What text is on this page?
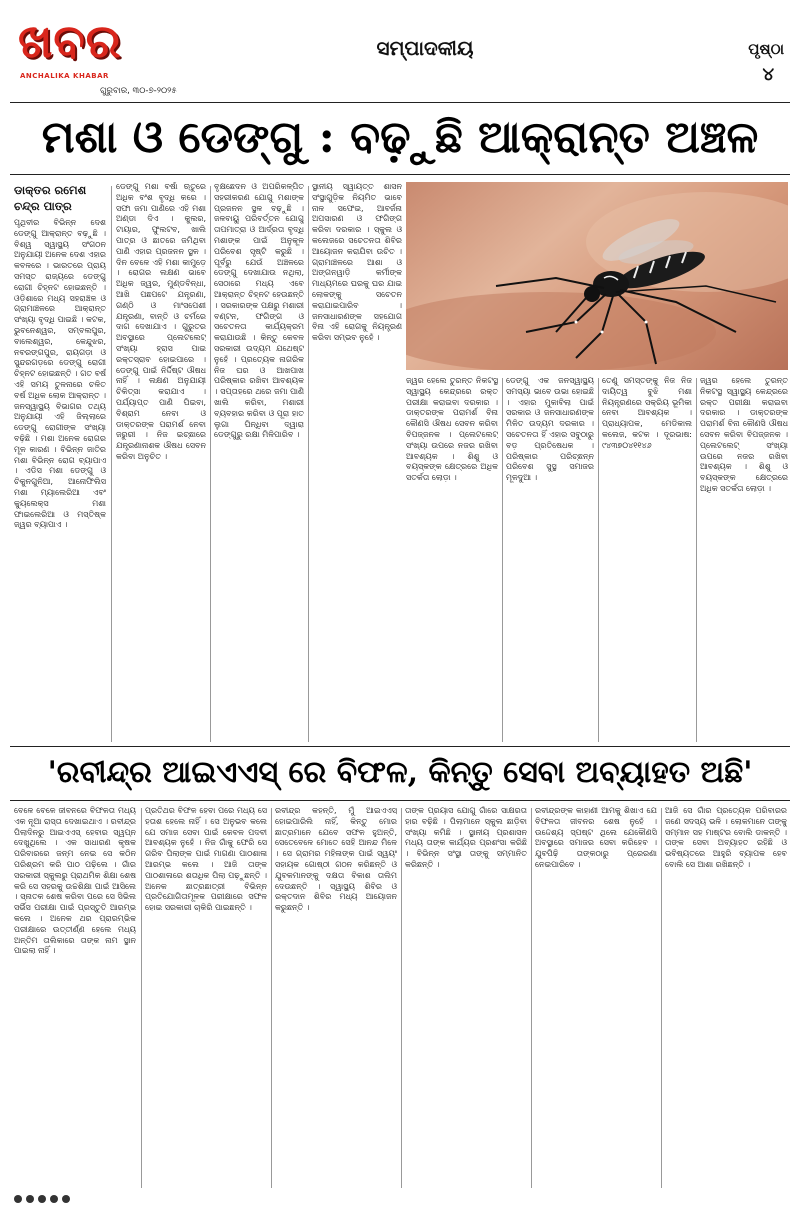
ଖବର
ANCHALIKA KHABAR
ଗୁରୁବାର, ୩୦-୭-୨୦୨୫
ସମ୍ପାଦକୀୟ	ପୃଷ୍ଠା
୪
ମଶା ଓ ଡେଙ୍ଗୁ : ବଢ଼ୁଛି ଆକ୍ରାନ୍ତ ଅଞ୍ଚଳ
ଡାକ୍ତର ରମେଶ ଚନ୍ଦ୍ର ପାତ୍ର
ପୃଥିବୀର ବିଭିନ୍ନ ଦେଶ ଡେଙ୍ଗୁ ଆକ୍ରାନ୍ତ ବଢ଼ୁଛି । ବିଶ୍ୱ ସ୍ୱାସ୍ଥ୍ୟ ସଂଗଠନ ଅନୁଯାୟୀ ଅନେକ ଦେଶ ଏହାର କବଳରେ । ଭାରତରେ ପ୍ରାୟ ସମସ୍ତ ରାଜ୍ୟରେ ଡେଙ୍ଗୁ ରୋଗୀ ଚିହ୍ନଟ ହୋଇଛନ୍ତି । ଓଡ଼ିଶାରେ ମଧ୍ୟ ସହରାଞ୍ଚଳ ଓ ଗ୍ରାମାଞ୍ଚଳରେ ଆକ୍ରାନ୍ତ ସଂଖ୍ୟା ବୃଦ୍ଧି ପାଇଛି । କଟକ, ଭୁବନେଶ୍ୱର, ସମ୍ବଲପୁର, ବାଲେଶ୍ୱର, କେନ୍ଦୁଝର, ନବରଙ୍ଗପୁର, ରାୟଗଡ଼ା ଓ ସୁନ୍ଦରଗଡ଼ରେ ଡେଙ୍ଗୁ ରୋଗୀ ଚିହ୍ନଟ ହୋଇଛନ୍ତି । ଗତ ବର୍ଷ ଏହି ସମୟ ତୁଳନାରେ ଚଳିତ ବର୍ଷ ଅଧିକ ଲୋକ ଆକ୍ରାନ୍ତ । ଜନସ୍ୱାସ୍ଥ୍ୟ ବିଭାଗର ତଥ୍ୟ ଅନୁଯାୟୀ ଏହି ଜିଲ୍ଲାରେ ଡେଙ୍ଗୁ ରୋଗୀଙ୍କ ସଂଖ୍ୟା ବଢ଼ିଛି । ମଶା ଅନେକ ରୋଗର ମୂଳ କାରଣ । ବିଭିନ୍ନ ଜାତିର ମଶା ବିଭିନ୍ନ ରୋଗ ବ୍ୟାପାଏ । ଏଡିସ ମଶା ଡେଙ୍ଗୁ ଓ ଚିକୁନଗୁନିଆ, ଆନୋଫିଲିସ ମଶା ମ୍ୟାଲେରିଆ ଏବଂ କ୍ୟୁଲେକ୍ସ ମଶା ଫାଇଲେରିଆ ଓ ମସ୍ତିଷ୍କ ଜ୍ୱର ବ୍ୟାପାଏ ।
ଡେଙ୍ଗୁ ମଶା ବର୍ଷା ଋତୁରେ ଅଧିକ ବଂଶ ବୃଦ୍ଧି କରେ । ସଫା ଜମା ପାଣିରେ ଏହି ମଶା ଅଣ୍ଡା ଦିଏ । କୁଲର, ଟାୟାର, ଫୁଲଟବ, ଖାଲି ପାତ୍ର ଓ ଛାତରେ ଜମିଥିବା ପାଣି ଏହାର ପ୍ରଜନନ ସ୍ଥଳ । ଦିନ ବେଳେ ଏହି ମଶା କାମୁଡ଼େ । ରୋଗର ଲକ୍ଷଣ ଭାବେ ଅଧିକ ଜ୍ୱର, ମୁଣ୍ଡବିନ୍ଧା, ଆଖି ପଛପଟେ ଯନ୍ତ୍ରଣା, ଗଣ୍ଠି ଓ ମାଂସପେଶୀ ଯନ୍ତ୍ରଣା, ବାନ୍ତି ଓ ଚର୍ମରେ ଦାଗ ଦେଖାଯାଏ । ଗୁରୁତର ଅବସ୍ଥାରେ ପ୍ଲେଟଲେଟ୍ ସଂଖ୍ୟା ହ୍ରାସ ପାଇ ରକ୍ତସ୍ରାବ ହୋଇପାରେ । ଡେଙ୍ଗୁ ପାଇଁ ନିର୍ଦ୍ଦିଷ୍ଟ ଔଷଧ ନାହିଁ । ଲକ୍ଷଣ ଅନୁଯାୟୀ ଚିକିତ୍ସା କରାଯାଏ । ପର୍ଯ୍ୟାପ୍ତ ପାଣି ପିଇବା, ବିଶ୍ରାମ ନେବା ଓ ଡାକ୍ତରଙ୍କ ପରାମର୍ଶ ନେବା ଜରୁରୀ । ନିଜ ଇଚ୍ଛାରେ ଯନ୍ତ୍ରଣାନାଶକ ଔଷଧ ସେବନ କରିବା ଅନୁଚିତ ।
ବୃକ୍ଷଛେଦନ ଓ ଅପରିକଳ୍ପିତ ସହରୀକରଣ ଯୋଗୁ ମଶାଙ୍କ ପ୍ରଜନନ ସ୍ଥଳ ବଢ଼ୁଛି । ଜଳବାୟୁ ପରିବର୍ତ୍ତନ ଯୋଗୁ ତାପମାତ୍ରା ଓ ଆର୍ଦ୍ରତା ବୃଦ୍ଧି ମଶାଙ୍କ ପାଇଁ ଅନୁକୂଳ ପରିବେଶ ସୃଷ୍ଟି କରୁଛି । ପୂର୍ବରୁ ଯେଉଁ ଅଞ୍ଚଳରେ ଡେଙ୍ଗୁ ଦେଖାଯାଉ ନଥିଲା, ସେଠାରେ ମଧ୍ୟ ଏବେ ଆକ୍ରାନ୍ତ ଚିହ୍ନଟ ହେଉଛନ୍ତି । ସରକାରଙ୍କ ପକ୍ଷରୁ ମଶାରୀ ବଣ୍ଟନ, ଫଗିଙ୍ଗ ଓ ସଚେତନତା କାର୍ଯ୍ୟକ୍ରମ କରାଯାଉଛି । କିନ୍ତୁ କେବଳ ସରକାରୀ ଉଦ୍ୟମ ଯଥେଷ୍ଟ ନୁହେଁ । ପ୍ରତ୍ୟେକ ନାଗରିକ ନିଜ ଘର ଓ ଆଖପାଖ ପରିଷ୍କାର ରଖିବା ଆବଶ୍ୟକ । ସପ୍ତାହରେ ଥରେ ଜମା ପାଣି ଖାଲି କରିବା, ମଶାରୀ ବ୍ୟବହାର କରିବା ଓ ପୂରା ହାତ ଲୁଗା ପିନ୍ଧିବା ଦ୍ୱାରା ଡେଙ୍ଗୁରୁ ରକ୍ଷା ମିଳିପାରିବ ।
ସ୍ଥାନୀୟ ସ୍ୱାୟତ୍ତ ଶାସନ ସଂସ୍ଥାଗୁଡ଼ିକ ନିୟମିତ ଭାବେ ନାଳ ସଫେଇ, ଆବର୍ଜନା ଅପସାରଣ ଓ ଫଗିଙ୍ଗ କରିବା ଦରକାର । ସ୍କୁଲ ଓ କଲେଜରେ ସଚେତନତା ଶିବିର ଆୟୋଜନ କରାଯିବା ଉଚିତ । ଗ୍ରାମାଞ୍ଚଳରେ ଆଶା ଓ ଅଙ୍ଗନୱାଡ଼ି କର୍ମୀଙ୍କ ମାଧ୍ୟମରେ ଘରକୁ ଘର ଯାଇ ଲୋକଙ୍କୁ ସଚେତନ କରାଯାଇପାରିବ । ଜନସାଧାରଣଙ୍କ ସହଯୋଗ ବିନା ଏହି ରୋଗକୁ ନିୟନ୍ତ୍ରଣ କରିବା ସମ୍ଭବ ନୁହେଁ ।
ଜ୍ୱର ହେଲେ ତୁରନ୍ତ ନିକଟସ୍ଥ ସ୍ୱାସ୍ଥ୍ୟ କେନ୍ଦ୍ରରେ ରକ୍ତ ପରୀକ୍ଷା କରାଇବା ଦରକାର । ଡାକ୍ତରଙ୍କ ପରାମର୍ଶ ବିନା କୌଣସି ଔଷଧ ସେବନ କରିବା ବିପଜ୍ଜନକ । ପ୍ଲେଟଲେଟ୍ ସଂଖ୍ୟା ଉପରେ ନଜର ରଖିବା ଆବଶ୍ୟକ । ଶିଶୁ ଓ ବୟସ୍କଙ୍କ କ୍ଷେତ୍ରରେ ଅଧିକ ସତର୍କତା ଲୋଡ଼ା ।
ଡେଙ୍ଗୁ ଏକ ଜନସ୍ୱାସ୍ଥ୍ୟ ସମସ୍ୟା ଭାବେ ଉଭା ହୋଇଛି । ଏହାର ମୁକାବିଲା ପାଇଁ ସରକାର ଓ ଜନସାଧାରଣଙ୍କ ମିଳିତ ଉଦ୍ୟମ ଦରକାର । ସଚେତନତା ହିଁ ଏହାର ସବୁଠାରୁ ବଡ଼ ପ୍ରତିଷେଧକ । ପରିଷ୍କାର ପରିଚ୍ଛନ୍ନ ପରିବେଶ ସୁସ୍ଥ ସମାଜର ମୂଳଦୁଆ ।
ତେଣୁ ସମସ୍ତଙ୍କୁ ନିଜ ନିଜ ଦାୟିତ୍ୱ ବୁଝି ମଶା ନିୟନ୍ତ୍ରଣରେ ସକ୍ରିୟ ଭୂମିକା ନେବା ଆବଶ୍ୟକ । ପ୍ରାଧ୍ୟାପକ, ମେଡିକାଲ କଲେଜ, କଟକ । ଦୂରଭାଷ: ୯୪୩୭୦୪୧୧୪୬
ଜ୍ୱର ହେଲେ ତୁରନ୍ତ ନିକଟସ୍ଥ ସ୍ୱାସ୍ଥ୍ୟ କେନ୍ଦ୍ରରେ ରକ୍ତ ପରୀକ୍ଷା କରାଇବା ଦରକାର । ଡାକ୍ତରଙ୍କ ପରାମର୍ଶ ବିନା କୌଣସି ଔଷଧ ସେବନ କରିବା ବିପଜ୍ଜନକ । ପ୍ଲେଟଲେଟ୍ ସଂଖ୍ୟା ଉପରେ ନଜର ରଖିବା ଆବଶ୍ୟକ । ଶିଶୁ ଓ ବୟସ୍କଙ୍କ କ୍ଷେତ୍ରରେ ଅଧିକ ସତର୍କତା ଲୋଡ଼ା ।
'ରବୀନ୍ଦ୍ର ଆଇଏଏସ୍ ରେ ବିଫଳ, କିନ୍ତୁ ସେବା ଅବ୍ୟାହତ ଅଛି'
ବେଳେ ବେଳେ ଜୀବନରେ ବିଫଳତା ମଧ୍ୟ ଏକ ନୂଆ ରାସ୍ତା ଦେଖାଇଥାଏ । ରବୀନ୍ଦ୍ର ପିଲାଦିନରୁ ଆଇଏଏସ୍ ହେବାର ସ୍ୱପ୍ନ ଦେଖୁଥିଲେ । ଏକ ସାଧାରଣ କୃଷକ ପରିବାରରେ ଜନ୍ମ ନେଇ ସେ କଠିନ ପରିଶ୍ରମ କରି ପାଠ ପଢ଼ିଲେ । ଗାଁର ସରକାରୀ ସ୍କୁଲରୁ ପ୍ରାଥମିକ ଶିକ୍ଷା ଶେଷ କରି ସେ ସହରକୁ ଉଚ୍ଚଶିକ୍ଷା ପାଇଁ ଆସିଲେ । ସ୍ନାତକ ଶେଷ କରିବା ପରେ ସେ ସିଭିଲ ସର୍ଭିସ ପରୀକ୍ଷା ପାଇଁ ପ୍ରସ୍ତୁତି ଆରମ୍ଭ କଲେ । ଅନେକ ଥର ପ୍ରାରମ୍ଭିକ ପରୀକ୍ଷାରେ ଉତ୍ତୀର୍ଣ୍ଣ ହେଲେ ମଧ୍ୟ ଅନ୍ତିମ ତାଲିକାରେ ତାଙ୍କ ନାମ ସ୍ଥାନ ପାଇଲା ନାହିଁ ।
ପ୍ରତିଥର ବିଫଳ ହେବା ପରେ ମଧ୍ୟ ସେ ହତାଶ ହେଲେ ନାହିଁ । ସେ ଅନୁଭବ କଲେ ଯେ ସମାଜ ସେବା ପାଇଁ କେବଳ ପଦବୀ ଆବଶ୍ୟକ ନୁହେଁ । ନିଜ ଗାଁକୁ ଫେରି ସେ ଗରିବ ପିଲାଙ୍କ ପାଇଁ ମାଗଣା ପାଠଶାଳା ଆରମ୍ଭ କଲେ । ଆଜି ତାଙ୍କ ପାଠଶାଳାରେ ଶତାଧିକ ପିଲା ପଢ଼ୁଛନ୍ତି । ଅନେକ ଛାତ୍ରଛାତ୍ରୀ ବିଭିନ୍ନ ପ୍ରତିଯୋଗିତାମୂଳକ ପରୀକ୍ଷାରେ ସଫଳ ହୋଇ ସରକାରୀ ଚାକିରି ପାଇଛନ୍ତି ।
ରବୀନ୍ଦ୍ର କହନ୍ତି, ମୁଁ ଆଇଏଏସ୍ ହୋଇପାରିଲି ନାହିଁ, କିନ୍ତୁ ମୋର ଛାତ୍ରମାନେ ଯେବେ ସଫଳ ହୁଅନ୍ତି, ସେତେବେଳେ ମୋତେ ସେହି ଆନନ୍ଦ ମିଳେ । ସେ ଗ୍ରାମର ମହିଳାଙ୍କ ପାଇଁ ସ୍ୱୟଂ ସହାୟକ ଗୋଷ୍ଠୀ ଗଠନ କରିଛନ୍ତି ଓ ଯୁବକମାନଙ୍କୁ ଦକ୍ଷତା ବିକାଶ ତାଲିମ ଦେଉଛନ୍ତି । ସ୍ୱାସ୍ଥ୍ୟ ଶିବିର ଓ ରକ୍ତଦାନ ଶିବିର ମଧ୍ୟ ଆୟୋଜନ କରୁଛନ୍ତି ।
ତାଙ୍କ ପ୍ରୟାସ ଯୋଗୁ ଗାଁରେ ସାକ୍ଷରତା ହାର ବଢ଼ିଛି । ପିଲାମାନେ ସ୍କୁଲ ଛାଡ଼ିବା ସଂଖ୍ୟା କମିଛି । ସ୍ଥାନୀୟ ପ୍ରଶାସନ ମଧ୍ୟ ତାଙ୍କ କାର୍ଯ୍ୟର ପ୍ରଶଂସା କରିଛି । ବିଭିନ୍ନ ସଂସ୍ଥା ତାଙ୍କୁ ସମ୍ମାନିତ କରିଛନ୍ତି ।
ରବୀନ୍ଦ୍ରଙ୍କ କାହାଣୀ ଆମକୁ ଶିଖାଏ ଯେ ବିଫଳତା ଜୀବନର ଶେଷ ନୁହେଁ । ଉଦ୍ଦେଶ୍ୟ ସ୍ପଷ୍ଟ ଥିଲେ ଯେକୌଣସି ଅବସ୍ଥାରେ ସମାଜର ସେବା କରିହେବ । ଯୁବପିଢ଼ି ତାଙ୍କଠାରୁ ପ୍ରେରଣା ନେଇପାରିବେ ।
ଆଜି ସେ ଗାଁର ପ୍ରତ୍ୟେକ ପରିବାରର ଜଣେ ସଦସ୍ୟ ଭଳି । ଲୋକମାନେ ତାଙ୍କୁ ସମ୍ମାନ ସହ ମାଷ୍ଟର ବୋଲି ଡାକନ୍ତି । ତାଙ୍କ ସେବା ଅବ୍ୟାହତ ରହିଛି ଓ ଭବିଷ୍ୟତରେ ଆହୁରି ବ୍ୟାପକ ହେବ ବୋଲି ସେ ଆଶା ରଖିଛନ୍ତି ।
